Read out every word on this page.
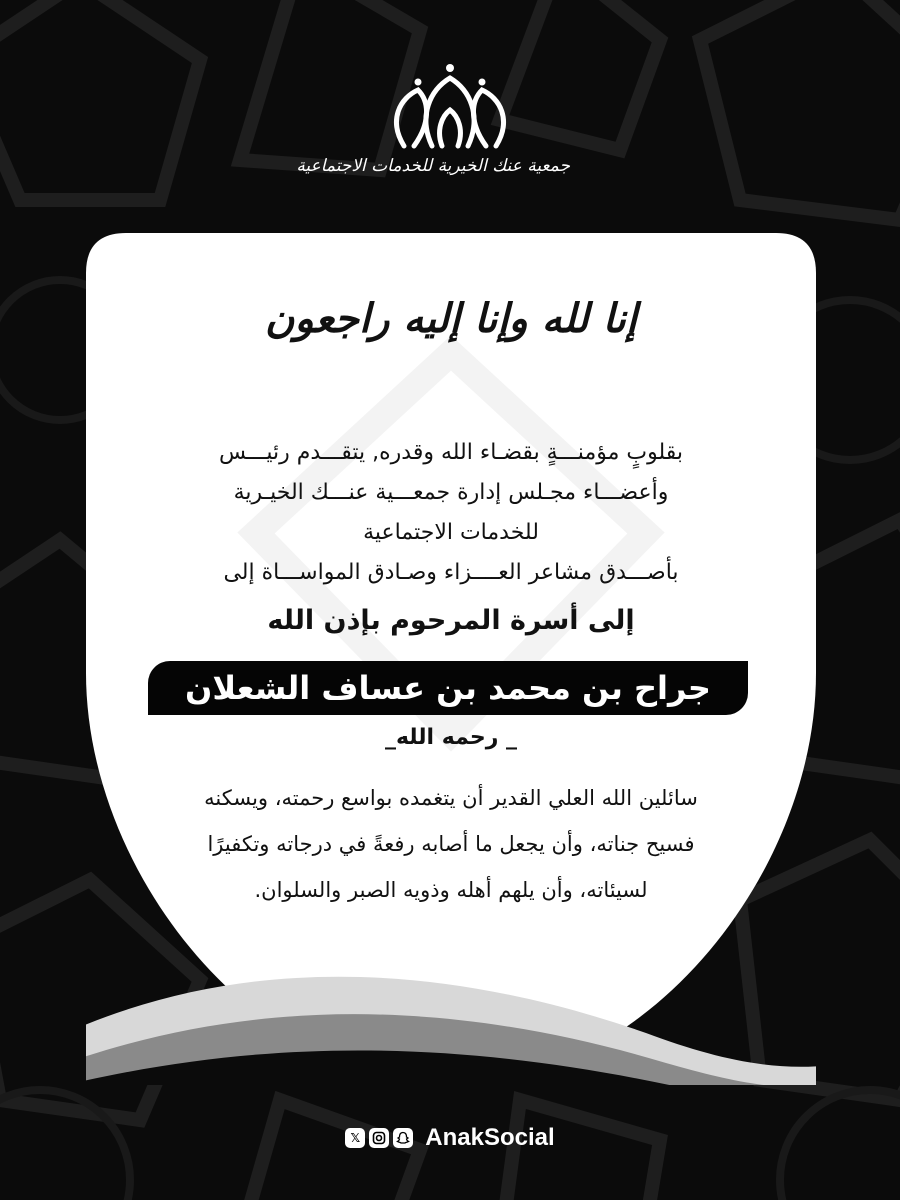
جمعية عنك الخيرية للخدمات الاجتماعية
إنا لله وإنا إليه راجعون

بقلوبٍ مؤمنـــةٍ بقضـاء الله وقدره, يتقـــدم رئيـــس

وأعضـــاء مجـلس إدارة جمعـــية عنـــك الخيـرية

للخدمات الاجتماعية

بأصـــدق مشاعر العــــزاء وصـادق المواســـاة إلى

إلى أسرة المرحوم بإذن الله
جراح بن محمد بن عساف الشعلان
_ رحمه الله_

سائلين الله العلي القدير أن يتغمده بواسع رحمته، ويسكنه

فسيح جناته، وأن يجعل ما أصابه رفعةً في درجاته وتكفيرًا

لسيئاته، وأن يلهم أهله وذويه الصبر والسلوان.

𝕏	AnakSocial
